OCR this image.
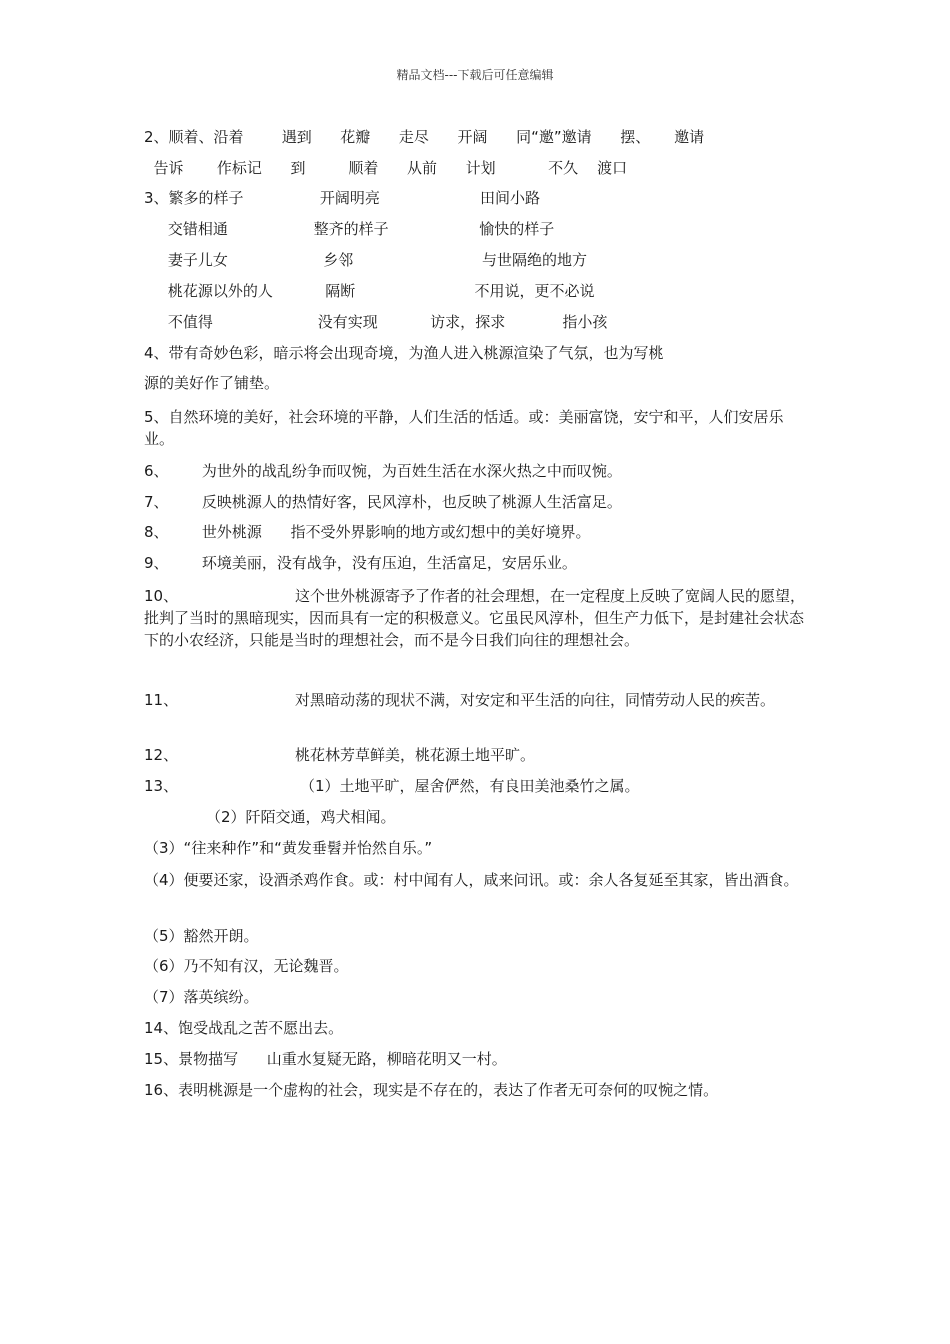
精品文档---下载后可任意编辑
2、顺着、沿着        遇到      花瓣      走尽      开阔      同“邀”邀请      摆、     邀请
告诉       作标记      到         顺着      从前      计划           不久    渡口
3、繁多的样子                开阔明亮                     田间小路
交错相通                  整齐的样子                   愉快的样子
妻子儿女                    乡邻                           与世隔绝的地方
桃花源以外的人           隔断                         不用说，更不必说
不值得                      没有实现           访求，探求            指小孩
4、带有奇妙色彩，暗示将会出现奇境，为渔人进入桃源渲染了气氛，也为写桃
源的美好作了铺垫。
5、自然环境的美好，社会环境的平静，人们生活的恬适。或：美丽富饶，安宁和平，人们安居乐业。
6、       为世外的战乱纷争而叹惋，为百姓生活在水深火热之中而叹惋。
7、       反映桃源人的热情好客，民风淳朴，也反映了桃源人生活富足。
8、       世外桃源      指不受外界影响的地方或幻想中的美好境界。
9、       环境美丽，没有战争，没有压迫，生活富足，安居乐业。
10、	这个世外桃源寄予了作者的社会理想，在一定程度上反映了宽阔人民的愿望，批判了当时的黑暗现实，因而具有一定的积极意义。它虽民风淳朴，但生产力低下，是封建社会状态下的小农经济，只能是当时的理想社会，而不是今日我们向往的理想社会。
11、	对黑暗动荡的现状不满，对安定和平生活的向往，同情劳动人民的疾苦。
12、	桃花林芳草鲜美，桃花源土地平旷。
13、	（1）土地平旷，屋舍俨然，有良田美池桑竹之属。
（2）阡陌交通，鸡犬相闻。
（3）“往来种作”和“黄发垂髫并怡然自乐。”
（4）便要还家，设酒杀鸡作食。或：村中闻有人，咸来问讯。或：余人各复延至其家，皆出酒食。
（5）豁然开朗。
（6）乃不知有汉，无论魏晋。
（7）落英缤纷。
14、饱受战乱之苦不愿出去。
15、景物描写      山重水复疑无路，柳暗花明又一村。
16、表明桃源是一个虚构的社会，现实是不存在的，表达了作者无可奈何的叹惋之情。
